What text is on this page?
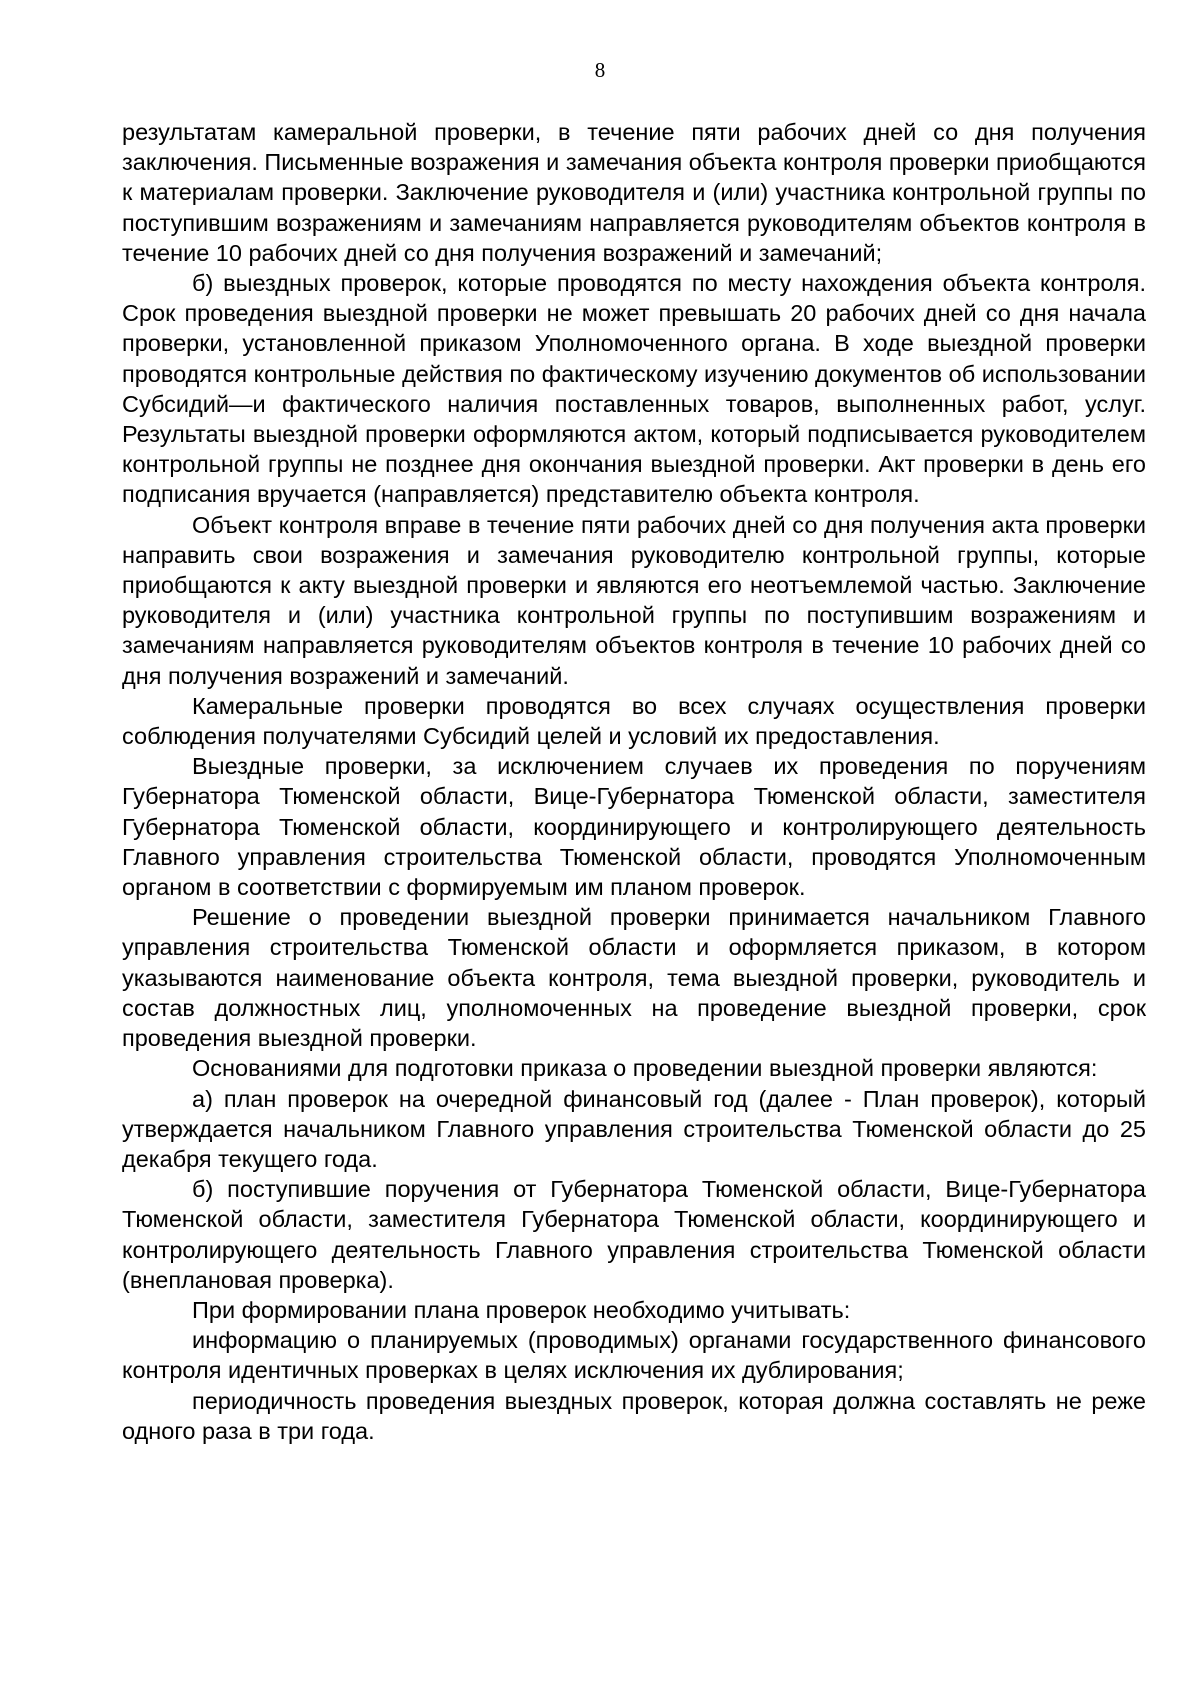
8

результатам камеральной проверки, в течение пяти рабочих дней со дня получения заключения. Письменные возражения и замечания объекта контроля проверки приобщаются к материалам проверки. Заключение руководителя и (или) участника контрольной группы по поступившим возражениям и замечаниям направляется руководителям объектов контроля в течение 10 рабочих дней со дня получения возражений и замечаний;

б) выездных проверок, которые проводятся по месту нахождения объекта контроля. Срок проведения выездной проверки не может превышать 20 рабочих дней со дня начала проверки, установленной приказом Уполномоченного органа. В ходе выездной проверки проводятся контрольные действия по фактическому изучению документов об использовании Субсидий—и фактического наличия поставленных товаров, выполненных работ, услуг. Результаты выездной проверки оформляются актом, который подписывается руководителем контрольной группы не позднее дня окончания выездной проверки. Акт проверки в день его подписания вручается (направляется) представителю объекта контроля.

Объект контроля вправе в течение пяти рабочих дней со дня получения акта проверки направить свои возражения и замечания руководителю контрольной группы, которые приобщаются к акту выездной проверки и являются его неотъемлемой частью. Заключение руководителя и (или) участника контрольной группы по поступившим возражениям и замечаниям направляется руководителям объектов контроля в течение 10 рабочих дней со дня получения возражений и замечаний.

Камеральные проверки проводятся во всех случаях осуществления проверки соблюдения получателями Субсидий целей и условий их предоставления.

Выездные проверки, за исключением случаев их проведения по поручениям Губернатора Тюменской области, Вице-Губернатора Тюменской области, заместителя Губернатора Тюменской области, координирующего и контролирующего деятельность Главного управления строительства Тюменской области, проводятся Уполномоченным органом в соответствии с формируемым им планом проверок.

Решение о проведении выездной проверки принимается начальником Главного управления строительства Тюменской области и оформляется приказом, в котором указываются наименование объекта контроля, тема выездной проверки, руководитель и состав должностных лиц, уполномоченных на проведение выездной проверки, срок проведения выездной проверки.

Основаниями для подготовки приказа о проведении выездной проверки являются:

а) план проверок на очередной финансовый год (далее - План проверок), который утверждается начальником Главного управления строительства Тюменской области до 25 декабря текущего года.

б) поступившие поручения от Губернатора Тюменской области, Вице-Губернатора Тюменской области, заместителя Губернатора Тюменской области, координирующего и контролирующего деятельность Главного управления строительства Тюменской области (внеплановая проверка).

При формировании плана проверок необходимо учитывать:

информацию о планируемых (проводимых) органами государственного финансового контроля идентичных проверках в целях исключения их дублирования;

периодичность проведения выездных проверок, которая должна составлять не реже одного раза в три года.
